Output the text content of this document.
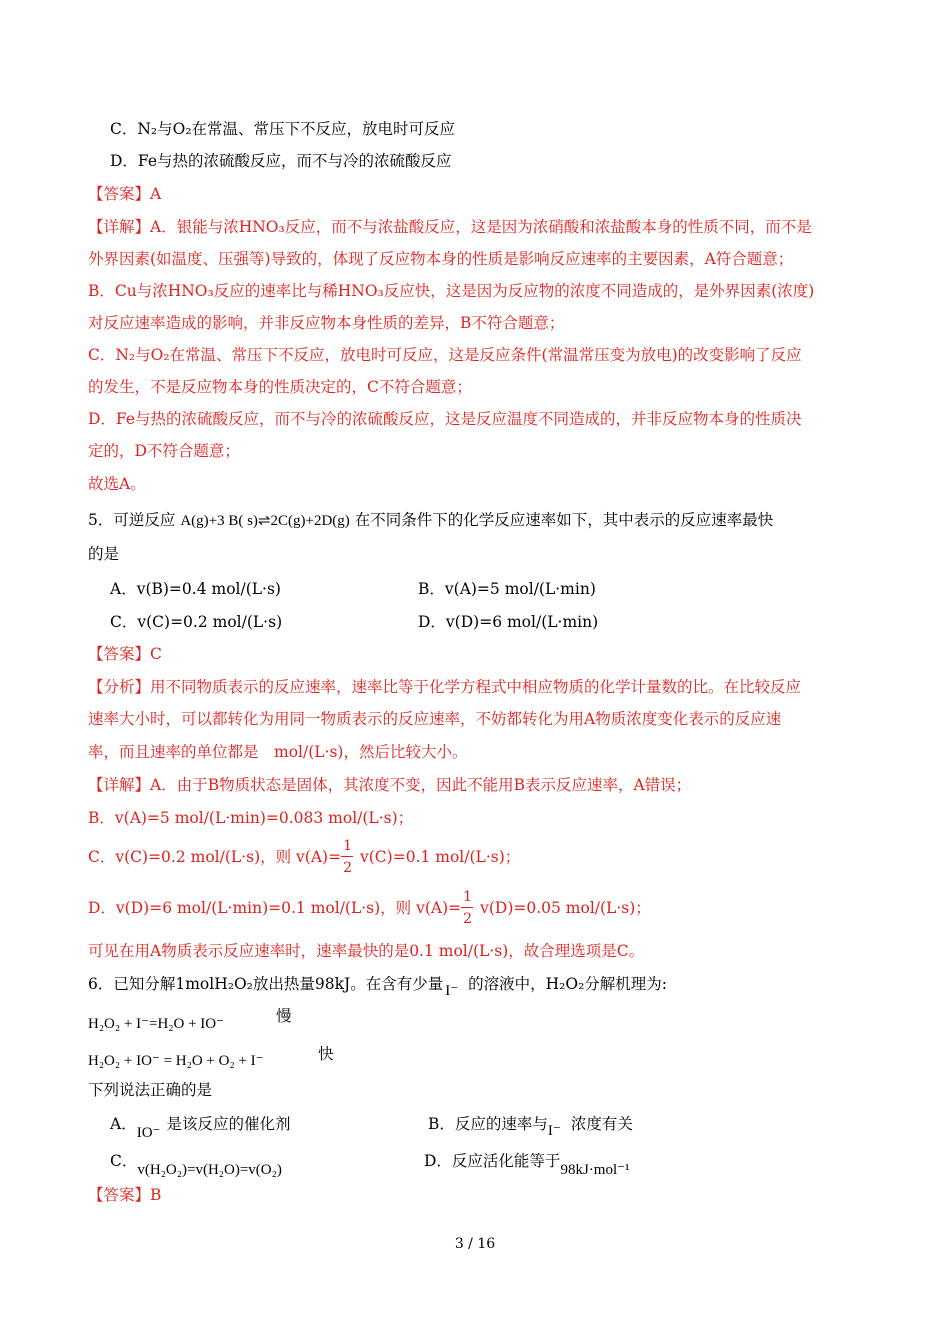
C．N₂与O₂在常温、常压下不反应，放电时可反应
D．Fe与热的浓硫酸反应，而不与冷的浓硫酸反应
【答案】A
【详解】A．银能与浓HNO₃反应，而不与浓盐酸反应，这是因为浓硝酸和浓盐酸本身的性质不同，而不是
外界因素(如温度、压强等)导致的，体现了反应物本身的性质是影响反应速率的主要因素，A符合题意；
B．Cu与浓HNO₃反应的速率比与稀HNO₃反应快，这是因为反应物的浓度不同造成的，是外界因素(浓度)
对反应速率造成的影响，并非反应物本身性质的差异，B不符合题意；
C．N₂与O₂在常温、常压下不反应，放电时可反应，这是反应条件(常温常压变为放电)的改变影响了反应
的发生，不是反应物本身的性质决定的，C不符合题意；
D．Fe与热的浓硫酸反应，而不与冷的浓硫酸反应，这是反应温度不同造成的，并非反应物本身的性质决
定的，D不符合题意；
故选A。
5．可逆反应 A(g)+3 B( s)⇌2C(g)+2D(g) 在不同条件下的化学反应速率如下，其中表示的反应速率最快
的是
A．v(B)=0.4 mol/(L·s)	B．v(A)=5 mol/(L·min)
C．v(C)=0.2 mol/(L·s)	D．v(D)=6 mol/(L·min)
【答案】C
【分析】用不同物质表示的反应速率，速率比等于化学方程式中相应物质的化学计量数的比。在比较反应
速率大小时，可以都转化为用同一物质表示的反应速率，不妨都转化为用A物质浓度变化表示的反应速
率，而且速率的单位都是　mol/(L·s)，然后比较大小。
【详解】A．由于B物质状态是固体，其浓度不变，因此不能用B表示反应速率，A错误；
B．v(A)=5 mol/(L·min)=0.083 mol/(L·s)；
C．v(C)=0.2 mol/(L·s)，则 $v(A)= \frac{1}{2} v(C)=0.1$ mol/(L·s)；
D．v(D)=6 mol/(L·min)=0.1 mol/(L·s)，则 $v(A)= \frac{1}{2} v(D)=0.05$ mol/(L·s)；
可见在用A物质表示反应速率时，速率最快的是0.1 mol/(L·s)，故合理选项是C。
6．已知分解1molH₂O₂放出热量98kJ。在含有少量 I⁻ 的溶液中，H₂O₂分解机理为:
H₂O₂ + I⁻=H₂O + IO⁻	慢
H₂O₂ + IO⁻ = H₂O + O₂ + I⁻	快
下列说法正确的是
A．IO⁻ 是该反应的催化剂	B．反应的速率与I⁻ 浓度有关
C．v(H₂O₂)=v(H₂O)=v(O₂)	D．反应活化能等于98kJ·mol⁻¹
【答案】B
3 / 16
